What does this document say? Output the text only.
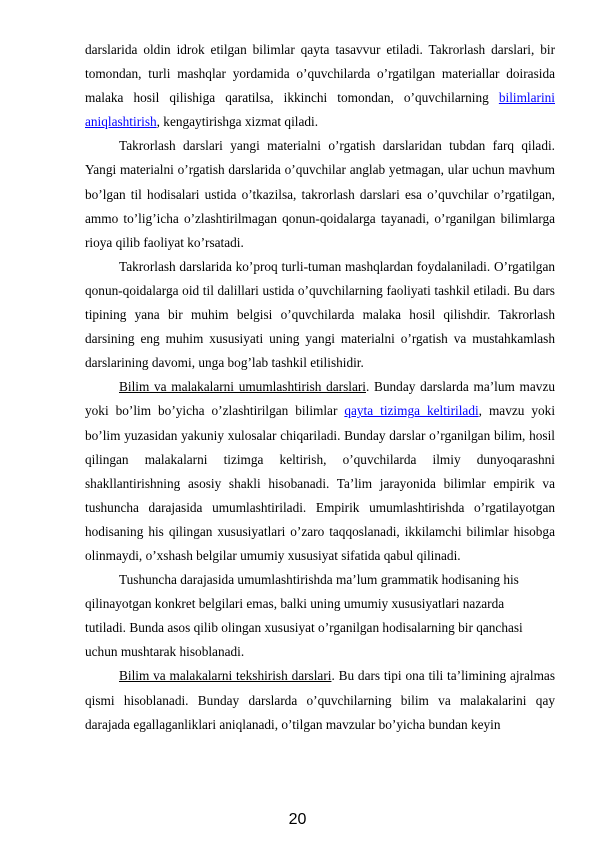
darslarida oldin idrok etilgan bilimlar qayta tasavvur etiladi. Takrorlash darslari, bir tomondan, turli mashqlar yordamida o’quvchilarda o’rgatilgan materiallar doirasida malaka hosil qilishiga qaratilsa, ikkinchi tomondan, o’quvchilarning bilimlarini aniqlashtirish, kengaytirishga xizmat qiladi.

Takrorlash darslari yangi materialni o’rgatish darslaridan tubdan farq qiladi. Yangi materialni o’rgatish darslarida o’quvchilar anglab yetmagan, ular uchun mavhum bo’lgan til hodisalari ustida o’tkazilsa, takrorlash darslari esa o’quvchilar o’rgatilgan, ammo to’lig’icha o’zlashtirilmagan qonun-qoidalarga tayanadi, o’rganilgan bilimlarga rioya qilib faoliyat ko’rsatadi.

Takrorlash darslarida ko’proq turli-tuman mashqlardan foydalaniladi. O’rgatilgan qonun-qoidalarga oid til dalillari ustida o’quvchilarning faoliyati tashkil etiladi. Bu dars tipining yana bir muhim belgisi o’quvchilarda malaka hosil qilishdir. Takrorlash darsining eng muhim xususiyati uning yangi materialni o’rgatish va mustahkamlash darslarining davomi, unga bog’lab tashkil etilishidir.

Bilim va malakalarni umumlashtirish darslari. Bunday darslarda ma’lum mavzu yoki bo’lim bo’yicha o’zlashtirilgan bilimlar qayta tizimga keltiriladi, mavzu yoki bo’lim yuzasidan yakuniy xulosalar chiqariladi. Bunday darslar o’rganilgan bilim, hosil qilingan malakalarni tizimga keltirish, o’quvchilarda ilmiy dunyoqarashni shakllantirishning asosiy shakli hisobanadi. Ta’lim jarayonida bilimlar empirik va tushuncha darajasida umumlashtiriladi. Empirik umumlashtirishda o’rgatilayotgan hodisaning his qilingan xususiyatlari o’zaro taqqoslanadi, ikkilamchi bilimlar hisobga olinmaydi, o’xshash belgilar umumiy xususiyat sifatida qabul qilinadi.

Tushuncha darajasida umumlashtirishda ma’lum grammatik hodisaning his

qilinayotgan konkret belgilari emas, balki uning umumiy xususiyatlari nazarda

tutiladi. Bunda asos qilib olingan xususiyat o’rganilgan hodisalarning bir qanchasi

uchun mushtarak hisoblanadi.

Bilim va malakalarni tekshirish darslari. Bu dars tipi ona tili ta’limining ajralmas qismi hisoblanadi. Bunday darslarda o’quvchilarning bilim va malakalarini qay darajada egallaganliklari aniqlanadi, o’tilgan mavzular bo’yicha bundan keyin

20
